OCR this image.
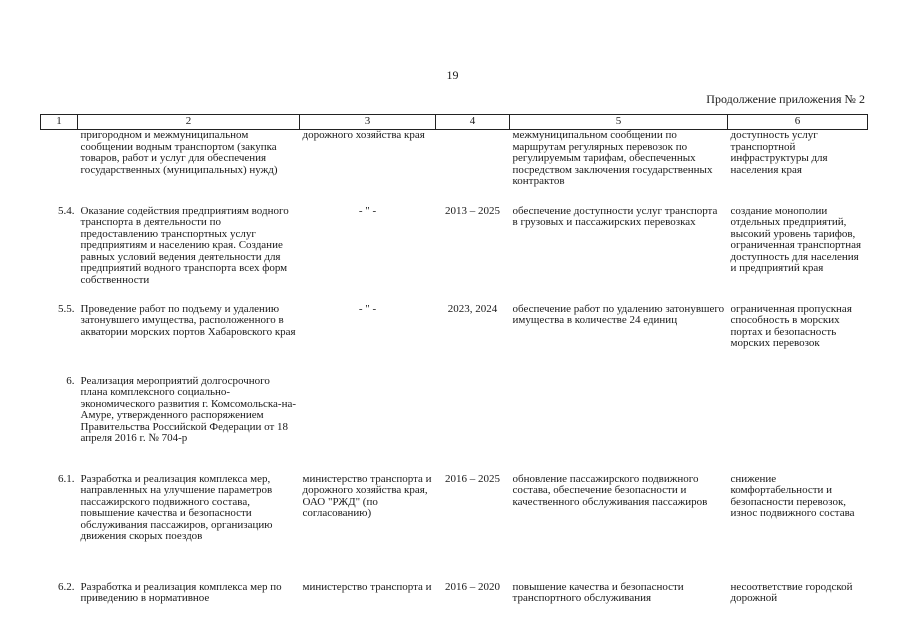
19
Продолжение приложения № 2
1	2	3	4	5	6
	пригородном и межмуниципальном сообщении водным транспортом (закупка товаров, работ и услуг для обеспечения государственных (муниципальных) нужд)	дорожного хозяйства края		межмуниципальном сообщении по маршрутам регулярных перевозок по регулируемым тарифам, обеспеченных посредством заключения государственных контрактов	доступность услуг транспортной инфраструктуры для населения края
5.4.	Оказание содействия предприятиям водного транспорта в деятельности по предоставлению транспортных услуг предприятиям и населению края. Создание равных условий ведения деятельности для предприятий водного транспорта всех форм собственности	- " -	2013 – 2025	обеспечение доступности услуг транспорта в грузовых и пассажирских перевозках	создание монополии отдельных предприятий, высокий уровень тарифов, ограниченная транспортная доступность для населения и предприятий края
5.5.	Проведение работ по подъему и удалению затонувшего имущества, расположенного в акватории морских портов Хабаровского края	- " -	2023, 2024	обеспечение работ по удалению затонувшего имущества в количестве 24 единиц	ограниченная пропускная способность в морских портах и безопасность морских перевозок
6.	Реализация мероприятий долгосрочного плана комплексного социально-экономического развития г. Комсомольска-на-Амуре, утвержденного распоряжением Правительства Российской Федерации от 18 апреля 2016 г. № 704-р				
6.1.	Разработка и реализация комплекса мер, направленных на улучшение параметров пассажирского подвижного состава, повышение качества и безопасности обслуживания пассажиров, организацию движения скорых поездов	министерство транспорта и дорожного хозяйства края, ОАО "РЖД" (по согласованию)	2016 – 2025	обновление пассажирского подвижного состава, обеспечение безопасности и качественного обслуживания пассажиров	снижение комфортабельности и безопасности перевозок, износ подвижного состава
6.2.	Разработка и реализация комплекса мер по приведению в нормативное	министерство транспорта и	2016 – 2020	повышение качества и безопасности транспортного обслуживания	несоответствие городской дорожной
